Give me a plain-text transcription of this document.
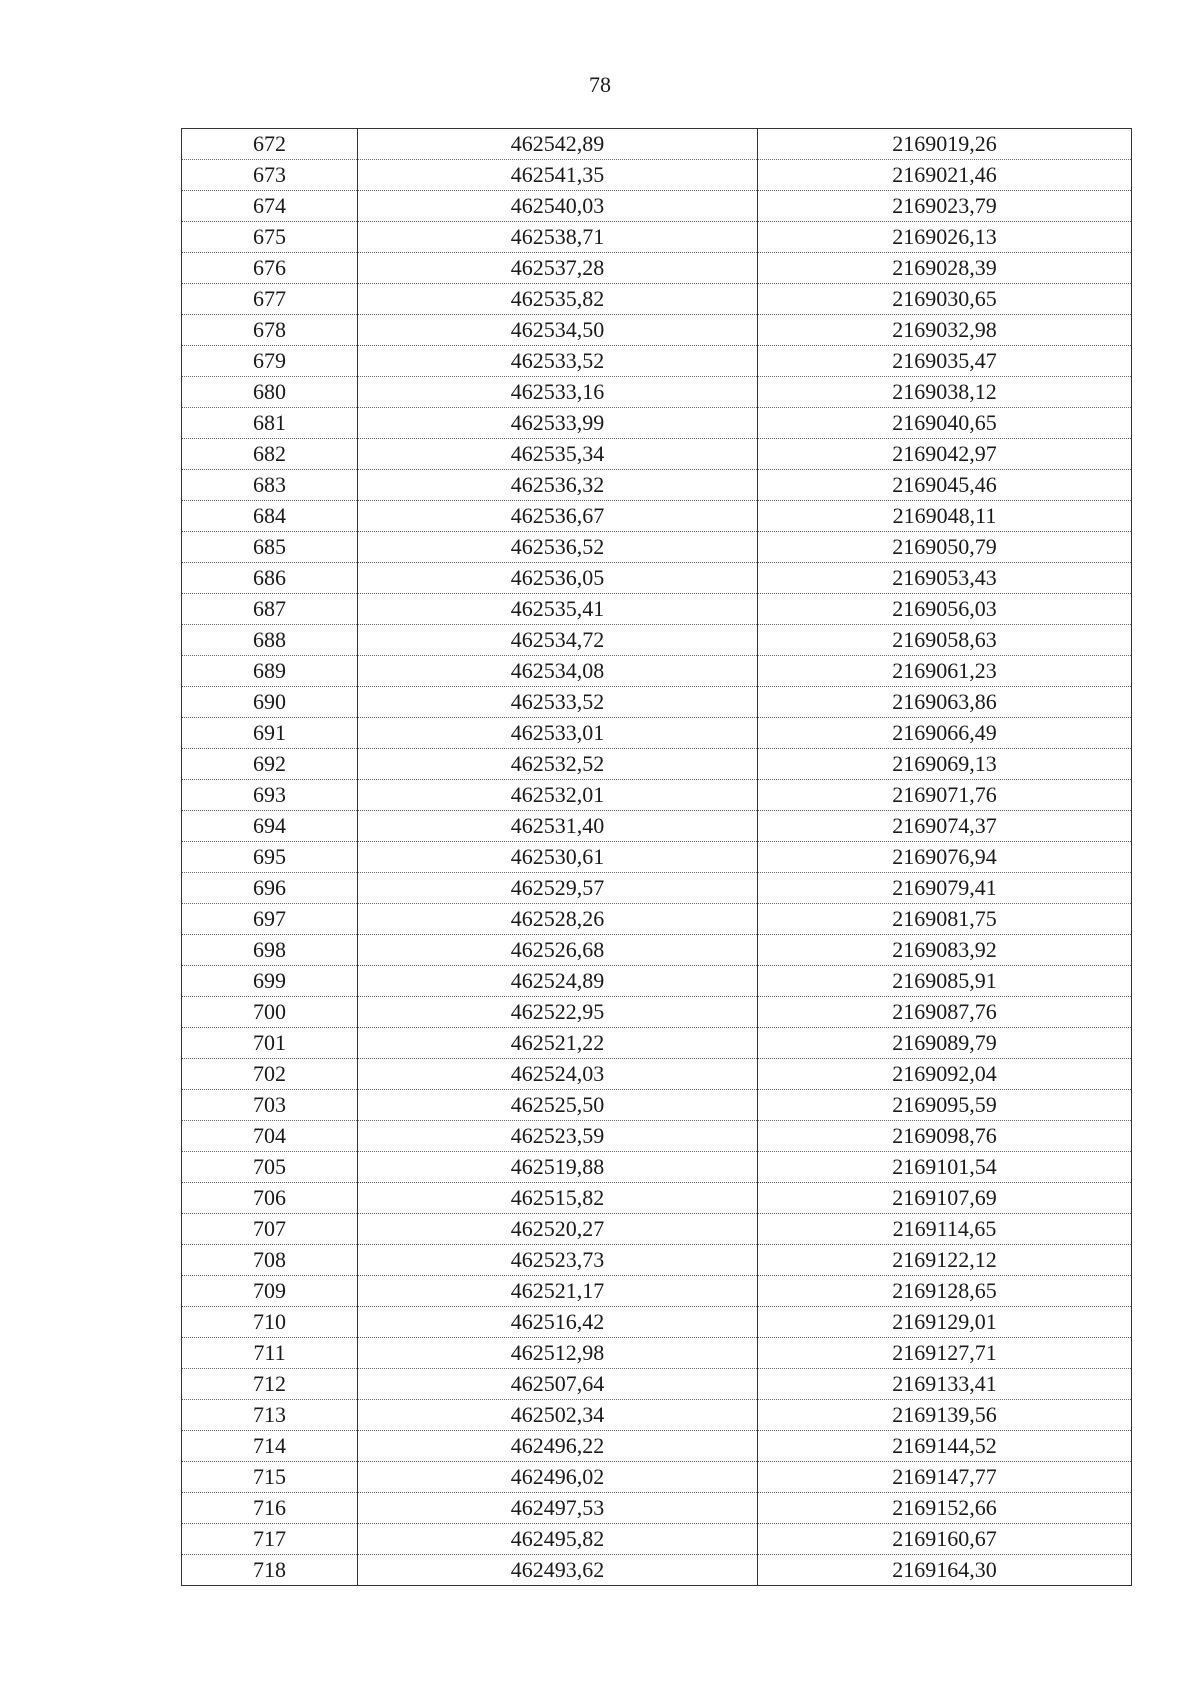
78
672	462542,89	2169019,26
673	462541,35	2169021,46
674	462540,03	2169023,79
675	462538,71	2169026,13
676	462537,28	2169028,39
677	462535,82	2169030,65
678	462534,50	2169032,98
679	462533,52	2169035,47
680	462533,16	2169038,12
681	462533,99	2169040,65
682	462535,34	2169042,97
683	462536,32	2169045,46
684	462536,67	2169048,11
685	462536,52	2169050,79
686	462536,05	2169053,43
687	462535,41	2169056,03
688	462534,72	2169058,63
689	462534,08	2169061,23
690	462533,52	2169063,86
691	462533,01	2169066,49
692	462532,52	2169069,13
693	462532,01	2169071,76
694	462531,40	2169074,37
695	462530,61	2169076,94
696	462529,57	2169079,41
697	462528,26	2169081,75
698	462526,68	2169083,92
699	462524,89	2169085,91
700	462522,95	2169087,76
701	462521,22	2169089,79
702	462524,03	2169092,04
703	462525,50	2169095,59
704	462523,59	2169098,76
705	462519,88	2169101,54
706	462515,82	2169107,69
707	462520,27	2169114,65
708	462523,73	2169122,12
709	462521,17	2169128,65
710	462516,42	2169129,01
711	462512,98	2169127,71
712	462507,64	2169133,41
713	462502,34	2169139,56
714	462496,22	2169144,52
715	462496,02	2169147,77
716	462497,53	2169152,66
717	462495,82	2169160,67
718	462493,62	2169164,30
